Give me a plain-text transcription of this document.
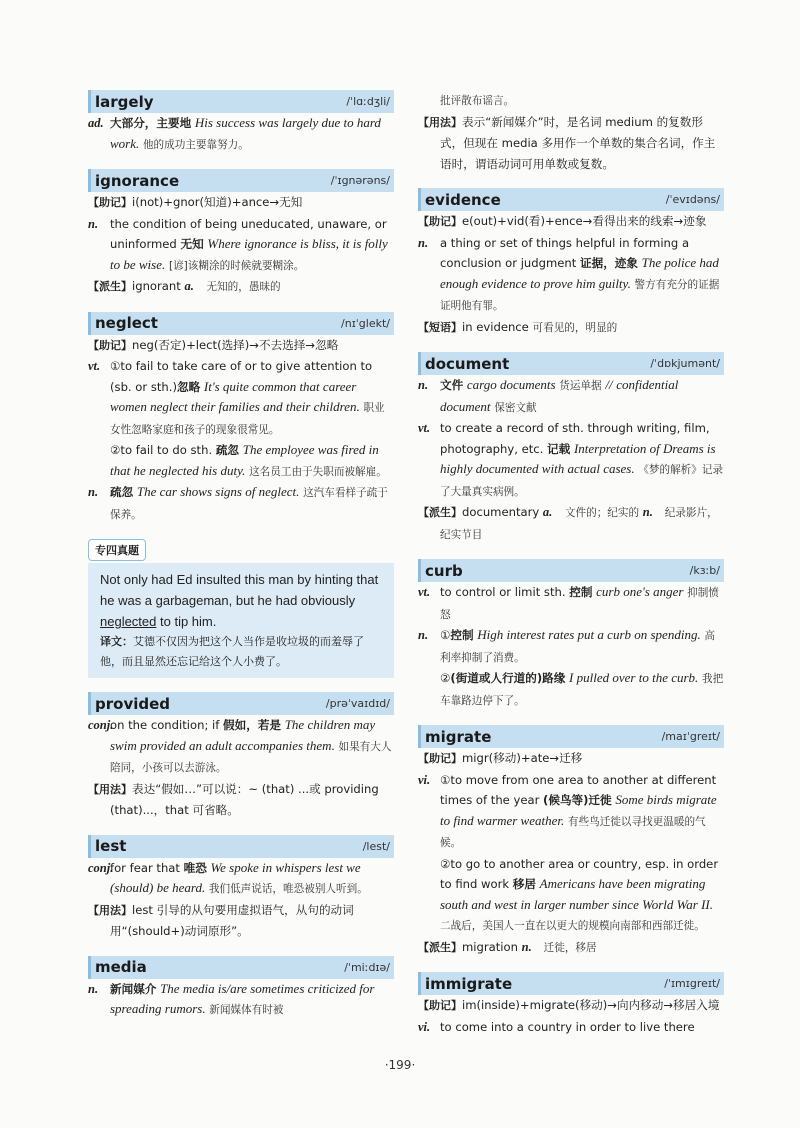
largely	/ˈlɑːdʒli/

ad. 大部分，主要地 His success was largely due to hard work. 他的成功主要靠努力。

ignorance	/ˈɪgnərəns/

【助记】i(not)+gnor(知道)+ance→无知

n. the condition of being uneducated, unaware, or uninformed 无知 Where ignorance is bliss, it is folly to be wise. [谚]该糊涂的时候就要糊涂。

【派生】ignorant a. 无知的，愚昧的

neglect	/nɪˈglekt/

【助记】neg(否定)+lect(选择)→不去选择→忽略

vt. ①to fail to take care of or to give attention to (sb. or sth.)忽略 It's quite common that career women neglect their families and their children. 职业女性忽略家庭和孩子的现象很常见。

②to fail to do sth. 疏忽 The employee was fired in that he neglected his duty. 这名员工由于失职而被解雇。

n. 疏忽 The car shows signs of neglect. 这汽车看样子疏于保养。

专四真题

Not only had Ed insulted this man by hinting that he was a garbageman, but he had obviously neglected to tip him.

译文：艾德不仅因为把这个人当作是收垃圾的而羞辱了他，而且显然还忘记给这个人小费了。

provided	/prəˈvaɪdɪd/

conj.on the condition; if 假如，若是 The children may swim provided an adult accompanies them. 如果有大人陪同，小孩可以去游泳。

【用法】表达“假如…”可以说：~ (that) ...或 providing (that)...，that 可省略。

lest	/lest/

conj.for fear that 唯恐 We spoke in whispers lest we (should) be heard. 我们低声说话，唯恐被别人听到。

【用法】lest 引导的从句要用虚拟语气，从句的动词用“(should+)动词原形”。

media	/ˈmiːdɪə/

n. 新闻媒介 The media is/are sometimes criticized for spreading rumors. 新闻媒体有时被

批评散布谣言。

【用法】表示“新闻媒介”时，是名词 medium 的复数形式，但现在 media 多用作一个单数的集合名词，作主语时，谓语动词可用单数或复数。

evidence	/ˈevɪdəns/

【助记】e(out)+vid(看)+ence→看得出来的线索→迹象

n. a thing or set of things helpful in forming a conclusion or judgment 证据，迹象 The police had enough evidence to prove him guilty. 警方有充分的证据证明他有罪。

【短语】in evidence 可看见的，明显的

document	/ˈdɒkjumənt/

n. 文件 cargo documents 货运单据 // confidential document 保密文献

vt. to create a record of sth. through writing, film, photography, etc. 记载 Interpretation of Dreams is highly documented with actual cases. 《梦的解析》记录了大量真实病例。

【派生】documentary a. 文件的；纪实的 n. 纪录影片，纪实节目

curb	/kɜːb/

vt. to control or limit sth. 控制 curb one's anger 抑制愤怒

n. ①控制 High interest rates put a curb on spending. 高利率抑制了消费。

②(街道或人行道的)路缘 I pulled over to the curb. 我把车靠路边停下了。

migrate	/maɪˈgreɪt/

【助记】migr(移动)+ate→迁移

vi. ①to move from one area to another at different times of the year (候鸟等)迁徙 Some birds migrate to find warmer weather. 有些鸟迁徙以寻找更温暖的气候。

②to go to another area or country, esp. in order to find work 移居 Americans have been migrating south and west in larger number since World War II. 二战后，美国人一直在以更大的规模向南部和西部迁徙。

【派生】migration n. 迁徙，移居

immigrate	/ˈɪmɪgreɪt/

【助记】im(inside)+migrate(移动)→向内移动→移居入境

vi. to come into a country in order to live there

·199·
